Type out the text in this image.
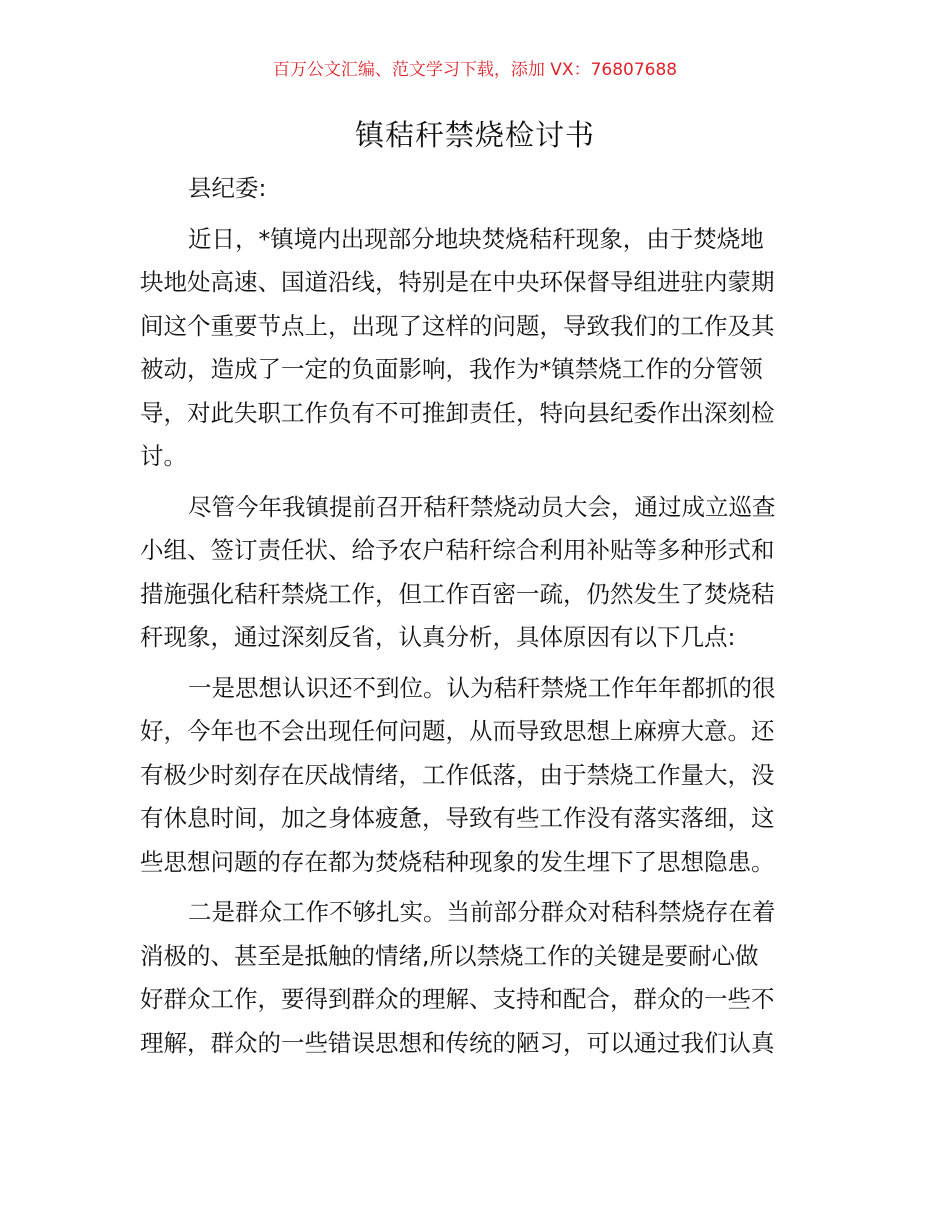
百万公文汇编、范文学习下载，添加 VX：76807688
镇秸秆禁烧检讨书
县纪委:
近日，*镇境内出现部分地块焚烧秸秆现象，由于焚烧地
块地处高速、国道沿线，特别是在中央环保督导组进驻内蒙期
间这个重要节点上，出现了这样的问题，导致我们的工作及其
被动，造成了一定的负面影响，我作为*镇禁烧工作的分管领
导，对此失职工作负有不可推卸责任，特向县纪委作出深刻检
讨。
尽管今年我镇提前召开秸秆禁烧动员大会，通过成立巡查
小组、签订责任状、给予农户秸秆综合利用补贴等多种形式和
措施强化秸秆禁烧工作，但工作百密一疏，仍然发生了焚烧秸
秆现象，通过深刻反省，认真分析，具体原因有以下几点:
一是思想认识还不到位。认为秸秆禁烧工作年年都抓的很
好，今年也不会出现任何问题，从而导致思想上麻痹大意。还
有极少时刻存在厌战情绪，工作低落，由于禁烧工作量大，没
有休息时间，加之身体疲惫，导致有些工作没有落实落细，这
些思想问题的存在都为焚烧秸种现象的发生埋下了思想隐患。
二是群众工作不够扎实。当前部分群众对秸科禁烧存在着
消极的、甚至是抵触的情绪,所以禁烧工作的关键是要耐心做
好群众工作，要得到群众的理解、支持和配合，群众的一些不
理解，群众的一些错误思想和传统的陋习，可以通过我们认真
